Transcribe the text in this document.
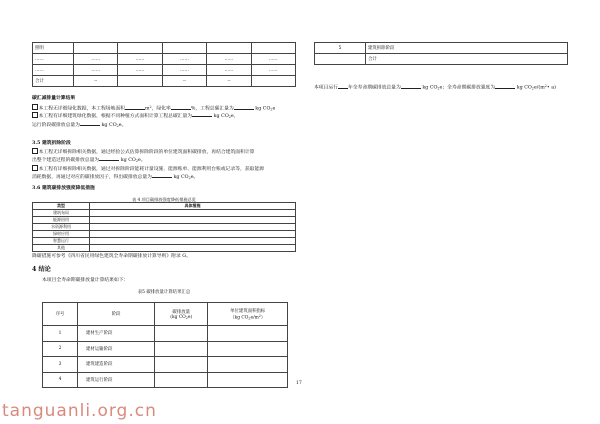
照明					
……	……	……	……	……	……
……	……	……	……	……	……
合计	--		--	--	
碳汇减排量计算结果
本工程无详细绿化数据，本工程场地面积	$m^2$，绿化率	%，工程总碳汇量为	kg $CO_2e$
本工程有详细建筑绿化数据，根据不同种植方式面积计算工程总碳汇量为	kg $CO_2e$，
运行阶段碳排放总量为	kg $CO_2e$。
3.5 建筑拆除阶段
本工程无详细拆除相关数据，通过经验公式估算拆除阶段的单位建筑面积碳排放，再结合建筑面积计算
出整个建造过程的碳排放总量为	kg $CO_2e$。
本工程有详细拆除相关数据，通过对拆除阶段能耗计量设施、能源账单、能源利用台账或记录等，获取能源
消耗数据，再通过对应的碳排放因子，得出碳排放总量为	kg $CO_2e$。
3.6 建筑碳排放强度降低措施
表 4 项目碳排放强度降低措施总览
类型	具体措施
建筑布局	
能源回用	
水资源利用	
绿材应用	
智慧运行	
其他	
降碳措施可参考《四川省民用绿色建筑全寿命期碳排放计算导则》附录 G。
4 结论
本项目全寿命期碳排放量计算结果如下：
表5 碳排放量计算结果汇总
序号	阶段	碳排放量
(kg $CO_2e$)	单位建筑面积指标
（kg $CO_2e/m^2$）
1	建材生产阶段		
2	建材运输阶段		
3	建筑建造阶段		
4	建筑运行阶段		
5	建筑拆除阶段
	合计
本项目运行 年全寿命期碳排放总量为	kg $CO_2e$；全寿命期碳排放强度为	kg $CO_2e/(m^2•$ a)
17
tanguanli.org.cn
